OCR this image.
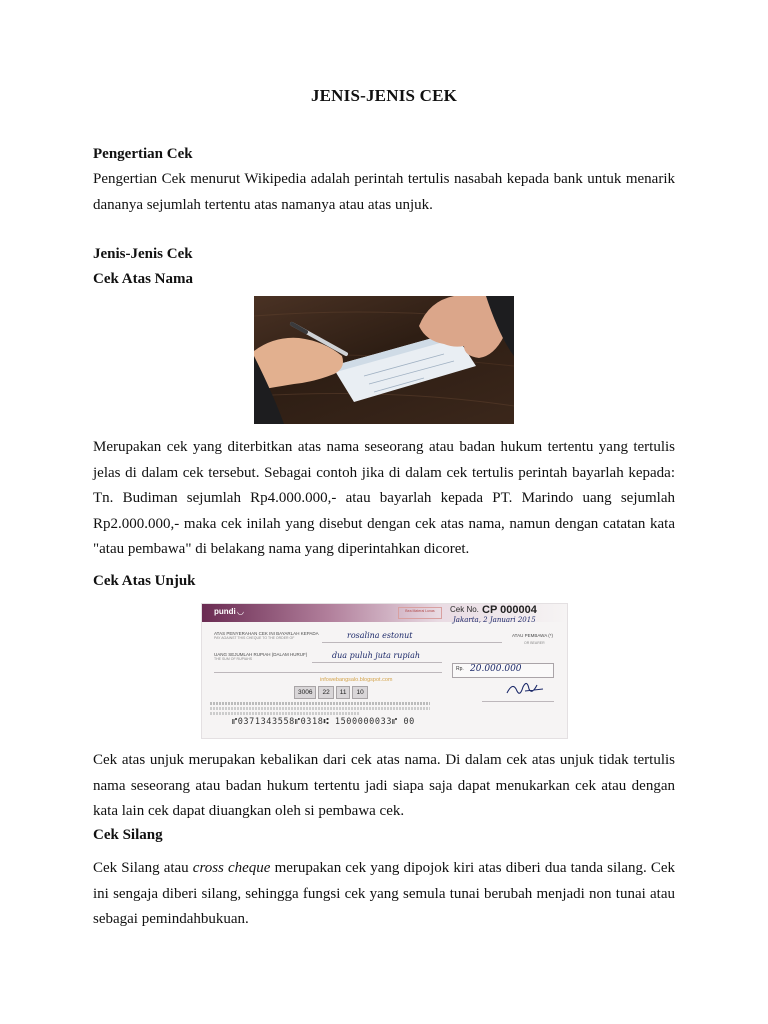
JENIS-JENIS CEK
Pengertian Cek

Pengertian Cek menurut Wikipedia adalah perintah tertulis nasabah kepada bank untuk menarik dananya sejumlah tertentu atas namanya atau atas unjuk.

Jenis-Jenis Cek
Cek Atas Nama

Merupakan cek yang diterbitkan atas nama seseorang atau badan hukum tertentu yang tertulis jelas di dalam cek tersebut. Sebagai contoh jika di dalam cek tertulis perintah bayarlah kepada: Tn. Budiman sejumlah Rp4.000.000,- atau bayarlah kepada PT. Marindo uang sejumlah Rp2.000.000,- maka cek inilah yang disebut dengan cek atas nama, namun dengan catatan kata "atau pembawa" di belakang nama yang diperintahkan dicoret.

Cek Atas Unjuk
pundi ◡	Bea Materai Lunas	Cek No. CP 000004
Jakarta, 2 Januari 2015
ATAS PENYERAHAN CEK INI BAYARLAH KEPADA
PAY AGAINST THIS CHEQUE TO THE ORDER OF	rosalina estonut	ATAU PEMBAWA (*)
OR BEARER
UANG SEJUMLAH RUPIAH (DALAM HURUF)
THE SUM OF RUPIAHS	dua puluh juta rupiah
Rp. 20.000.000
infowebangsalo.blogspot.com
3006	22	11	10
⑈0371343558⑈0318⑆ 1500000033⑈ 00

Cek atas unjuk merupakan kebalikan dari cek atas nama. Di dalam cek atas unjuk tidak tertulis nama seseorang atau badan hukum tertentu jadi siapa saja dapat menukarkan cek atau dengan kata lain cek dapat diuangkan oleh si pembawa cek.

Cek Silang

Cek Silang atau cross cheque merupakan cek yang dipojok kiri atas diberi dua tanda silang. Cek ini sengaja diberi silang, sehingga fungsi cek yang semula tunai berubah menjadi non tunai atau sebagai pemindahbukuan.
